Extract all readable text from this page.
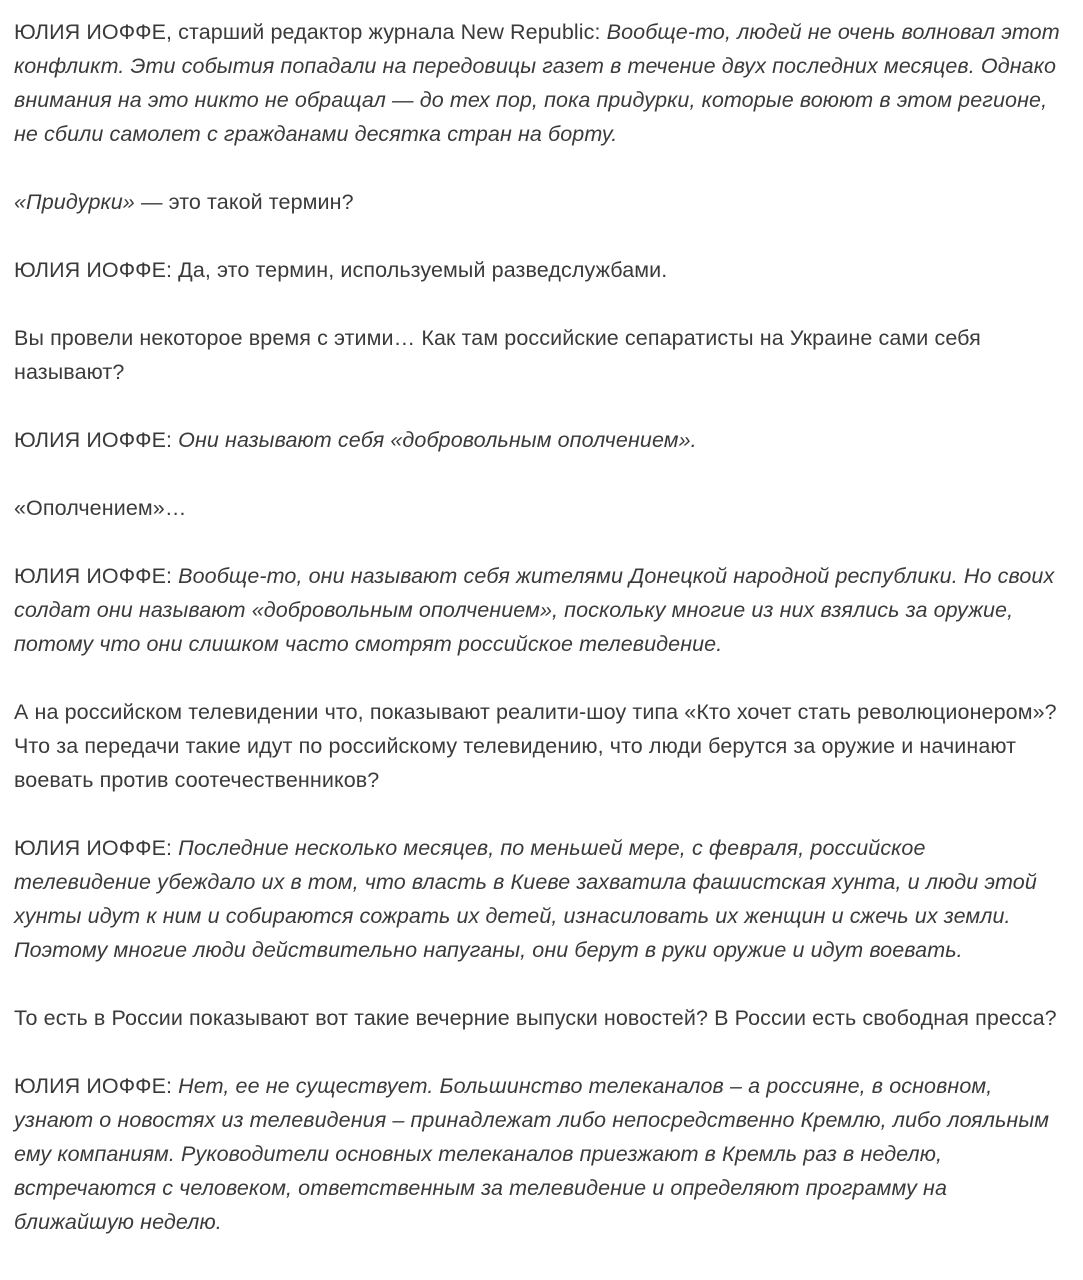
ЮЛИЯ ИОФФЕ, старший редактор журнала New Republic: Вообще-то, людей не очень волновал этот конфликт. Эти события попадали на передовицы газет в течение двух последних месяцев. Однако внимания на это никто не обращал — до тех пор, пока придурки, которые воюют в этом регионе, не сбили самолет с гражданами десятка стран на борту.

«Придурки» — это такой термин?

ЮЛИЯ ИОФФЕ: Да, это термин, используемый разведслужбами.

Вы провели некоторое время с этими… Как там российские сепаратисты на Украине сами себя называют?

ЮЛИЯ ИОФФЕ: Они называют себя «добровольным ополчением».

«Ополчением»…

ЮЛИЯ ИОФФЕ: Вообще-то, они называют себя жителями Донецкой народной республики. Но своих солдат они называют «добровольным ополчением», поскольку многие из них взялись за оружие, потому что они слишком часто смотрят российское телевидение.

А на российском телевидении что, показывают реалити-шоу типа «Кто хочет стать революционером»? Что за передачи такие идут по российскому телевидению, что люди берутся за оружие и начинают воевать против соотечественников?

ЮЛИЯ ИОФФЕ: Последние несколько месяцев, по меньшей мере, с февраля, российское телевидение убеждало их в том, что власть в Киеве захватила фашистская хунта, и люди этой хунты идут к ним и собираются сожрать их детей, изнасиловать их женщин и сжечь их земли. Поэтому многие люди действительно напуганы, они берут в руки оружие и идут воевать.

То есть в России показывают вот такие вечерние выпуски новостей? В России есть свободная пресса?

ЮЛИЯ ИОФФЕ: Нет, ее не существует. Большинство телеканалов – а россияне, в основном, узнают о новостях из телевидения – принадлежат либо непосредственно Кремлю, либо лояльным ему компаниям. Руководители основных телеканалов приезжают в Кремль раз в неделю, встречаются с человеком, ответственным за телевидение и определяют программу на ближайшую неделю.
